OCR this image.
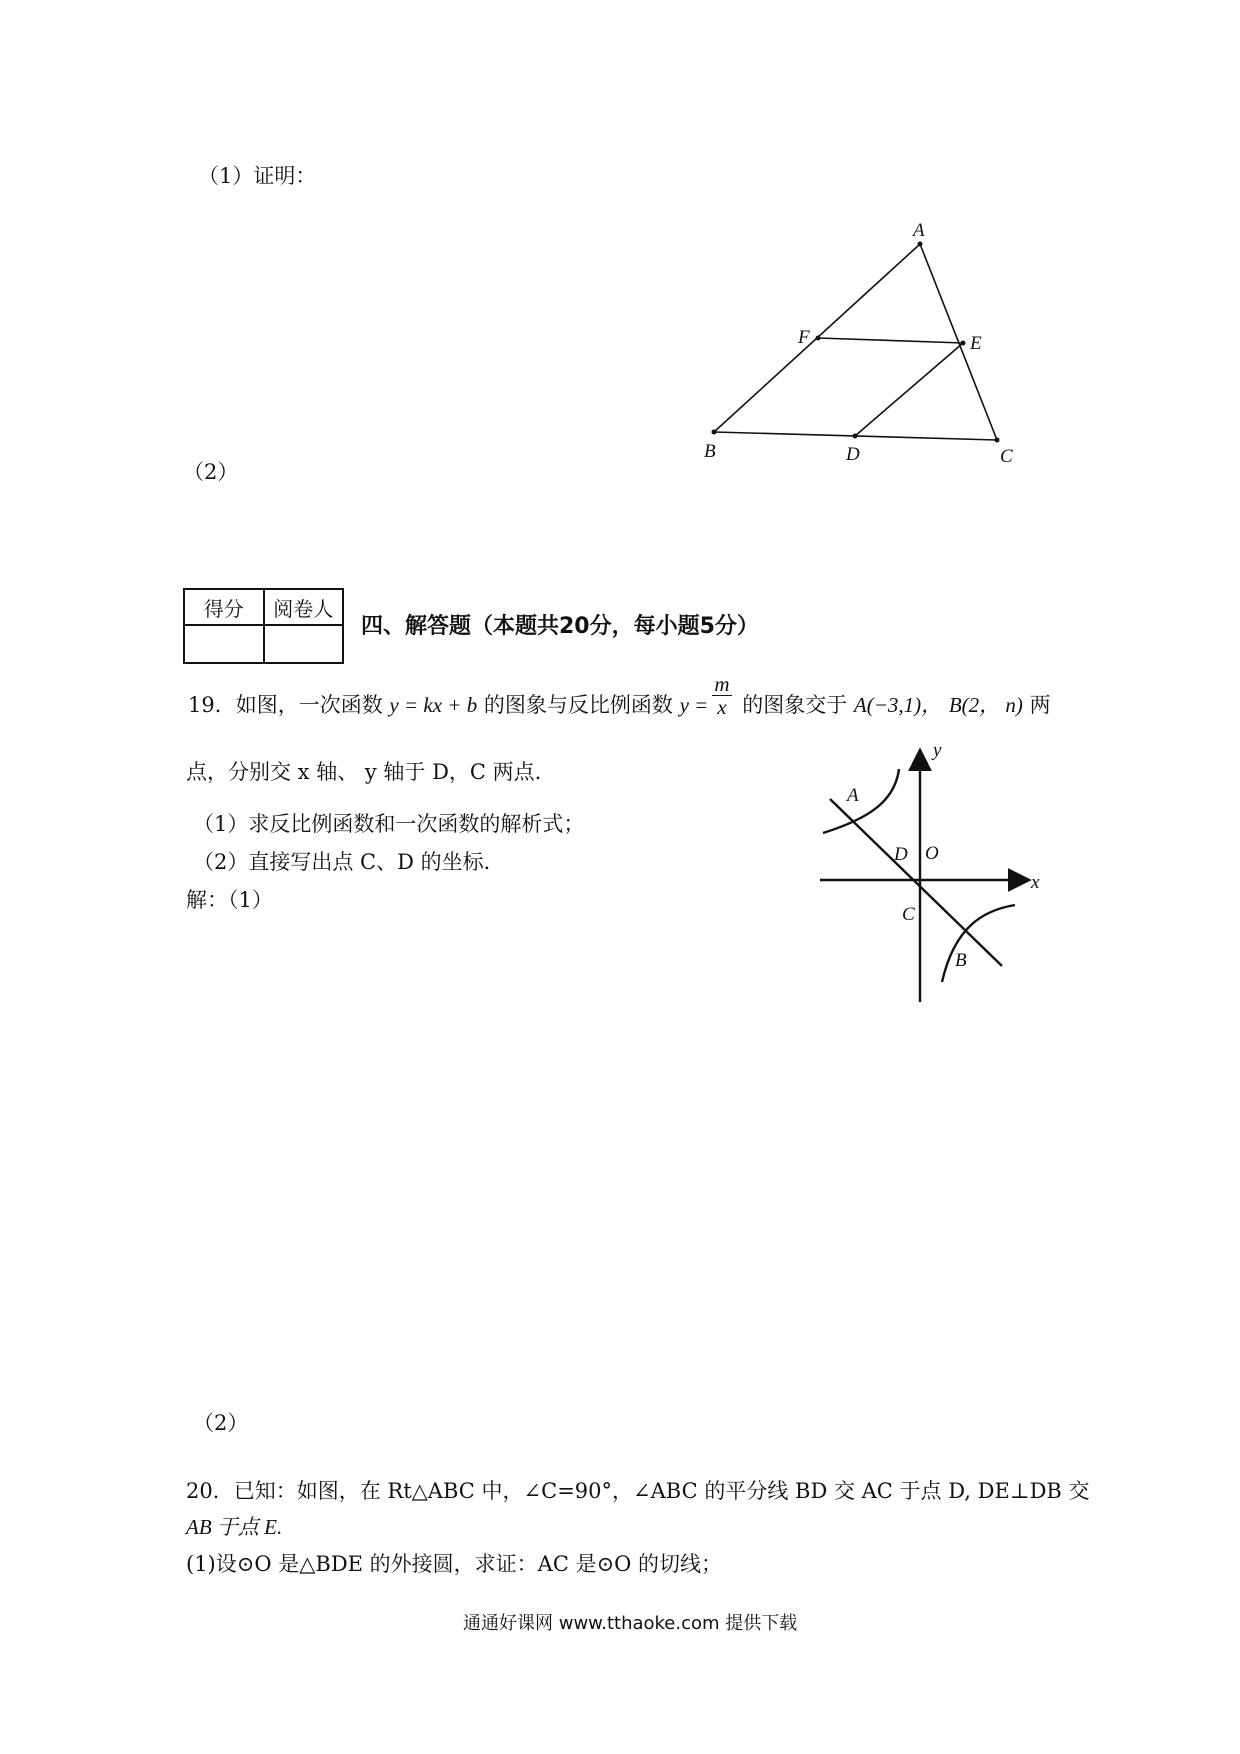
（1）证明：
（2）
A
B	C
D
E
F
得分	阅卷人

四、解答题（本题共20分，每小题5分）
19．如图，一次函数 y = kx + b 的图象与反比例函数 $y = \frac{m}{x}$ 的图象交于 A(−3,1)， B(2， n) 两
点，分别交 x 轴、 y 轴于 D，C 两点.
（1）求反比例函数和一次函数的解析式；
（2）直接写出点 C、D 的坐标．
解：（1）
（2）
y
x
O
A
B
C
D
20．已知：如图，在 Rt△ABC 中，∠C=90°，∠ABC 的平分线 BD 交 AC 于点 D, DE⊥DB 交
AB 于点 E.
(1)设⊙O 是△BDE 的外接圆，求证：AC 是⊙O 的切线；
通通好课网 www.tthaoke.com 提供下载
